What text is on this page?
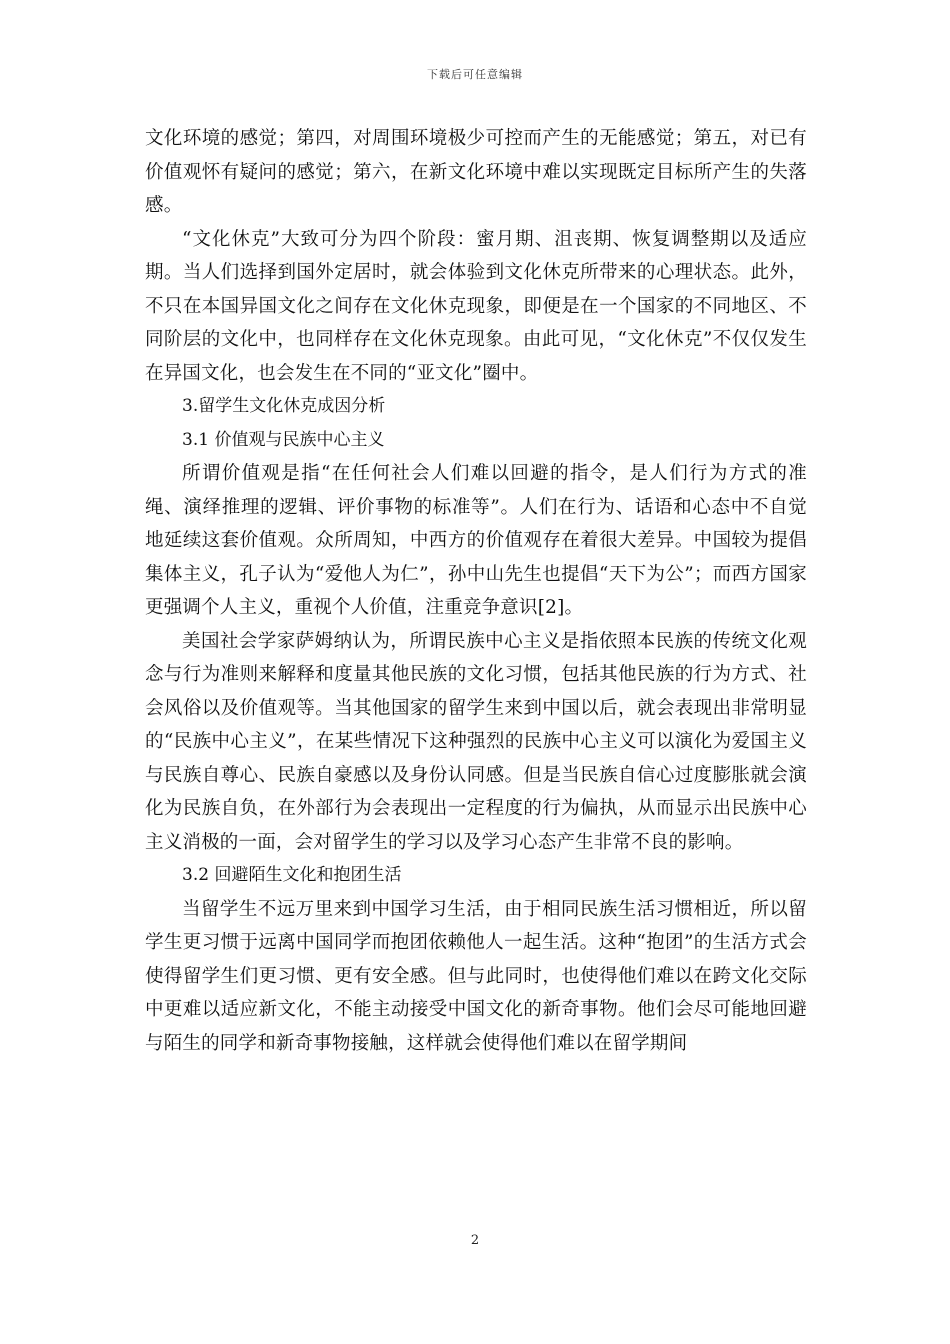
下载后可任意编辑

文化环境的感觉；第四，对周围环境极少可控而产生的无能感觉；第五，对已有价值观怀有疑问的感觉；第六，在新文化环境中难以实现既定目标所产生的失落感。

“文化休克”大致可分为四个阶段：蜜月期、沮丧期、恢复调整期以及适应期。当人们选择到国外定居时，就会体验到文化休克所带来的心理状态。此外，不只在本国异国文化之间存在文化休克现象，即便是在一个国家的不同地区、不同阶层的文化中，也同样存在文化休克现象。由此可见，“文化休克”不仅仅发生在异国文化，也会发生在不同的“亚文化”圈中。

3.留学生文化休克成因分析

3.1 价值观与民族中心主义

所谓价值观是指“在任何社会人们难以回避的指令，是人们行为方式的准绳、演绎推理的逻辑、评价事物的标准等”。人们在行为、话语和心态中不自觉地延续这套价值观。众所周知，中西方的价值观存在着很大差异。中国较为提倡集体主义，孔子认为“爱他人为仁”，孙中山先生也提倡“天下为公”；而西方国家更强调个人主义，重视个人价值，注重竞争意识[2]。

美国社会学家萨姆纳认为，所谓民族中心主义是指依照本民族的传统文化观念与行为准则来解释和度量其他民族的文化习惯，包括其他民族的行为方式、社会风俗以及价值观等。当其他国家的留学生来到中国以后，就会表现出非常明显的“民族中心主义”，在某些情况下这种强烈的民族中心主义可以演化为爱国主义与民族自尊心、民族自豪感以及身份认同感。但是当民族自信心过度膨胀就会演化为民族自负，在外部行为会表现出一定程度的行为偏执，从而显示出民族中心主义消极的一面，会对留学生的学习以及学习心态产生非常不良的影响。

3.2 回避陌生文化和抱团生活

当留学生不远万里来到中国学习生活，由于相同民族生活习惯相近，所以留学生更习惯于远离中国同学而抱团依赖他人一起生活。这种“抱团”的生活方式会使得留学生们更习惯、更有安全感。但与此同时，也使得他们难以在跨文化交际中更难以适应新文化，不能主动接受中国文化的新奇事物。他们会尽可能地回避与陌生的同学和新奇事物接触，这样就会使得他们难以在留学期间

2
